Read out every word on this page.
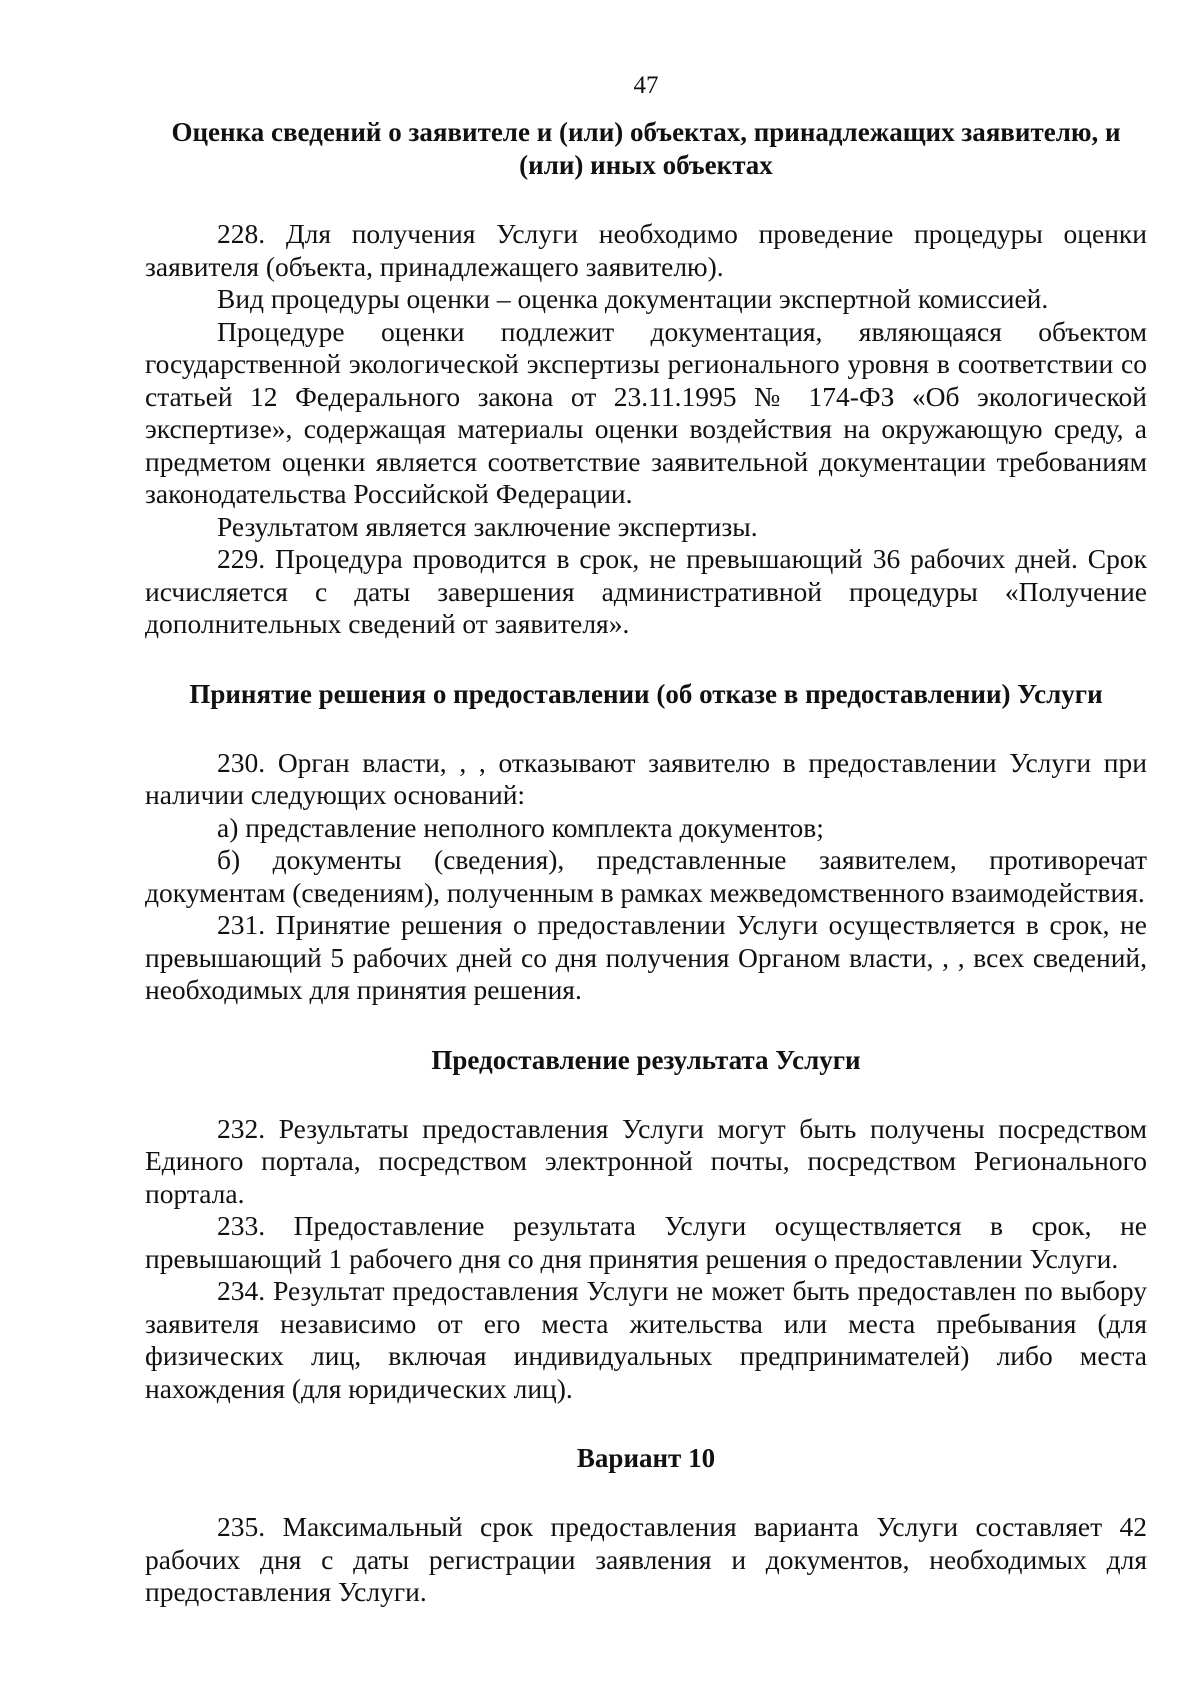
47
Оценка сведений о заявителе и (или) объектах, принадлежащих заявителю, и (или) иных объектах

228. Для получения Услуги необходимо проведение процедуры оценки заявителя (объекта, принадлежащего заявителю).

Вид процедуры оценки – оценка документации экспертной комиссией.

Процедуре оценки подлежит документация, являющаяся объектом государственной экологической экспертизы регионального уровня в соответствии со статьей 12 Федерального закона от 23.11.1995 № 174-ФЗ «Об экологической экспертизе», содержащая материалы оценки воздействия на окружающую среду, а предметом оценки является соответствие заявительной документации требованиям законодательства Российской Федерации.

Результатом является заключение экспертизы.

229. Процедура проводится в срок, не превышающий 36 рабочих дней. Срок исчисляется с даты завершения административной процедуры «Получение дополнительных сведений от заявителя».

Принятие решения о предоставлении (об отказе в предоставлении) Услуги

230. Орган власти, , , отказывают заявителю в предоставлении Услуги при наличии следующих оснований:

а) представление неполного комплекта документов;

б) документы (сведения), представленные заявителем, противоречат документам (сведениям), полученным в рамках межведомственного взаимодействия.

231. Принятие решения о предоставлении Услуги осуществляется в срок, не превышающий 5 рабочих дней со дня получения Органом власти, , , всех сведений, необходимых для принятия решения.

Предоставление результата Услуги

232. Результаты предоставления Услуги могут быть получены посредством Единого портала, посредством электронной почты, посредством Регионального портала.

233. Предоставление результата Услуги осуществляется в срок, не превышающий 1 рабочего дня со дня принятия решения о предоставлении Услуги.

234. Результат предоставления Услуги не может быть предоставлен по выбору заявителя независимо от его места жительства или места пребывания (для физических лиц, включая индивидуальных предпринимателей) либо места нахождения (для юридических лиц).

Вариант 10

235. Максимальный срок предоставления варианта Услуги составляет 42 рабочих дня с даты регистрации заявления и документов, необходимых для предоставления Услуги.
